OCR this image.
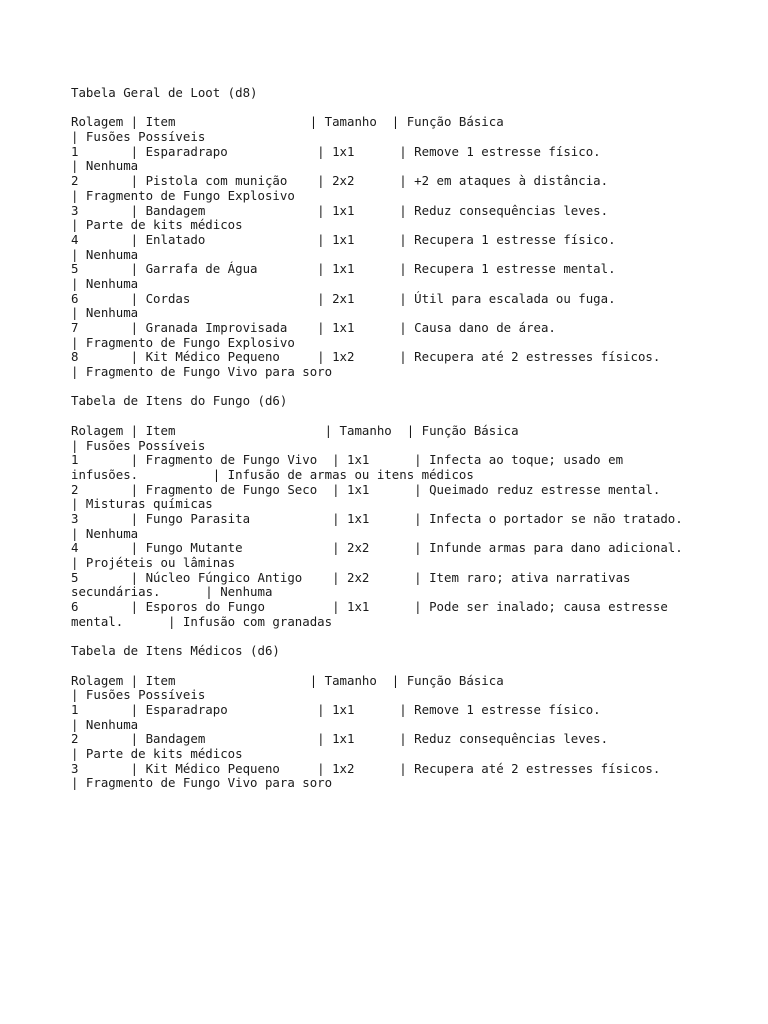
Tabela Geral de Loot (d8)
Rolagem | Item                  | Tamanho  | Função Básica
| Fusões Possíveis
1       | Esparadrapo            | 1x1      | Remove 1 estresse físico.
| Nenhuma
2       | Pistola com munição    | 2x2      | +2 em ataques à distância.
| Fragmento de Fungo Explosivo
3       | Bandagem               | 1x1      | Reduz consequências leves.
| Parte de kits médicos
4       | Enlatado               | 1x1      | Recupera 1 estresse físico.
| Nenhuma
5       | Garrafa de Água        | 1x1      | Recupera 1 estresse mental.
| Nenhuma
6       | Cordas                 | 2x1      | Útil para escalada ou fuga.
| Nenhuma
7       | Granada Improvisada    | 1x1      | Causa dano de área.
| Fragmento de Fungo Explosivo
8       | Kit Médico Pequeno     | 1x2      | Recupera até 2 estresses físicos.
| Fragmento de Fungo Vivo para soro
Tabela de Itens do Fungo (d6)
Rolagem | Item                    | Tamanho  | Função Básica
| Fusões Possíveis
1       | Fragmento de Fungo Vivo  | 1x1      | Infecta ao toque; usado em
infusões.          | Infusão de armas ou itens médicos
2       | Fragmento de Fungo Seco  | 1x1      | Queimado reduz estresse mental.
| Misturas químicas
3       | Fungo Parasita           | 1x1      | Infecta o portador se não tratado.
| Nenhuma
4       | Fungo Mutante            | 2x2      | Infunde armas para dano adicional.
| Projéteis ou lâminas
5       | Núcleo Fúngico Antigo    | 2x2      | Item raro; ativa narrativas
secundárias.      | Nenhuma
6       | Esporos do Fungo         | 1x1      | Pode ser inalado; causa estresse
mental.      | Infusão com granadas
Tabela de Itens Médicos (d6)
Rolagem | Item                  | Tamanho  | Função Básica
| Fusões Possíveis
1       | Esparadrapo            | 1x1      | Remove 1 estresse físico.
| Nenhuma
2       | Bandagem               | 1x1      | Reduz consequências leves.
| Parte de kits médicos
3       | Kit Médico Pequeno     | 1x2      | Recupera até 2 estresses físicos.
| Fragmento de Fungo Vivo para soro
